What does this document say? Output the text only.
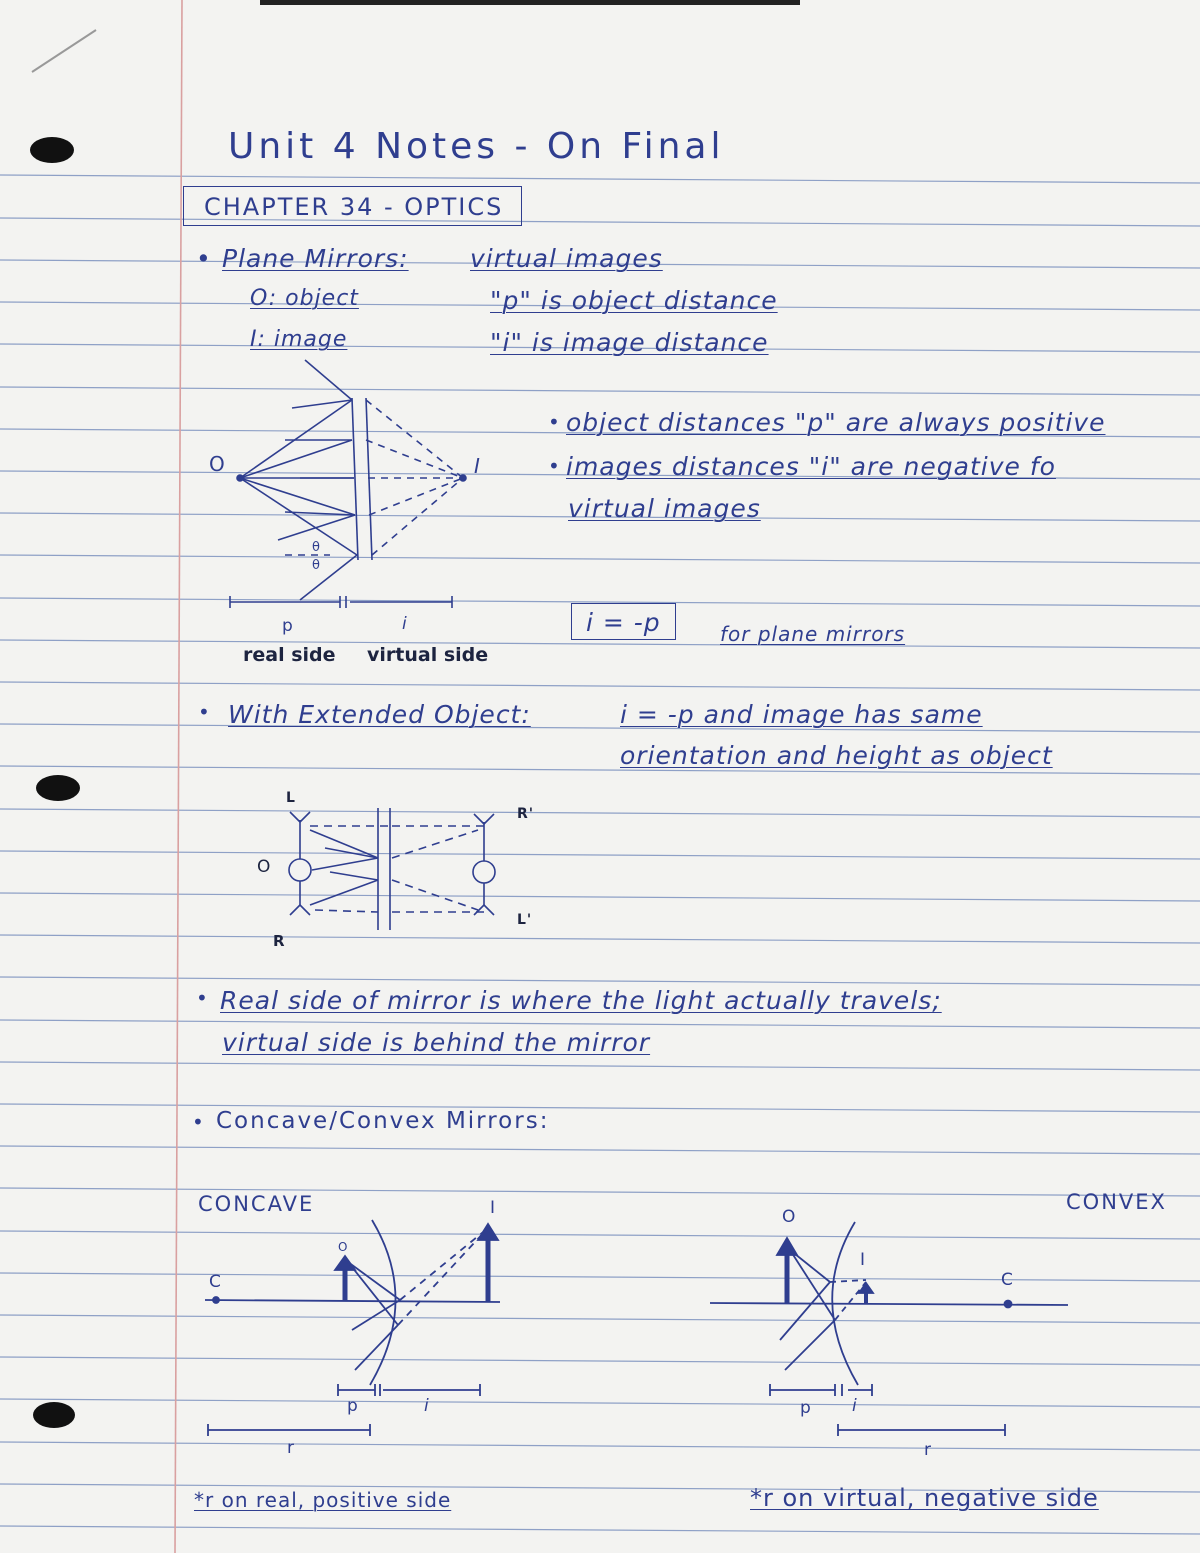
Unit 4 Notes - On Final
CHAPTER 34 - OPTICS
• Plane Mirrors: virtual images
O: object
I: image
"p" is object distance
"i" is image distance
O	I
θ
θ
p	i
real side virtual side
• object distances "p" are always positive
• images distances "i" are negative fo
virtual images
i = -p	for plane mirrors
• With Extended Object:	i = -p and image has same
orientation and height as object
L
O
R
R'
L'
• Real side of mirror is where the light actually travels;
virtual side is behind the mirror
• Concave/Convex Mirrors:
CONCAVE
C
O
I
p	i
r
*r on real, positive side
CONVEX
O
I
C
p i
r
*r on virtual, negative side
